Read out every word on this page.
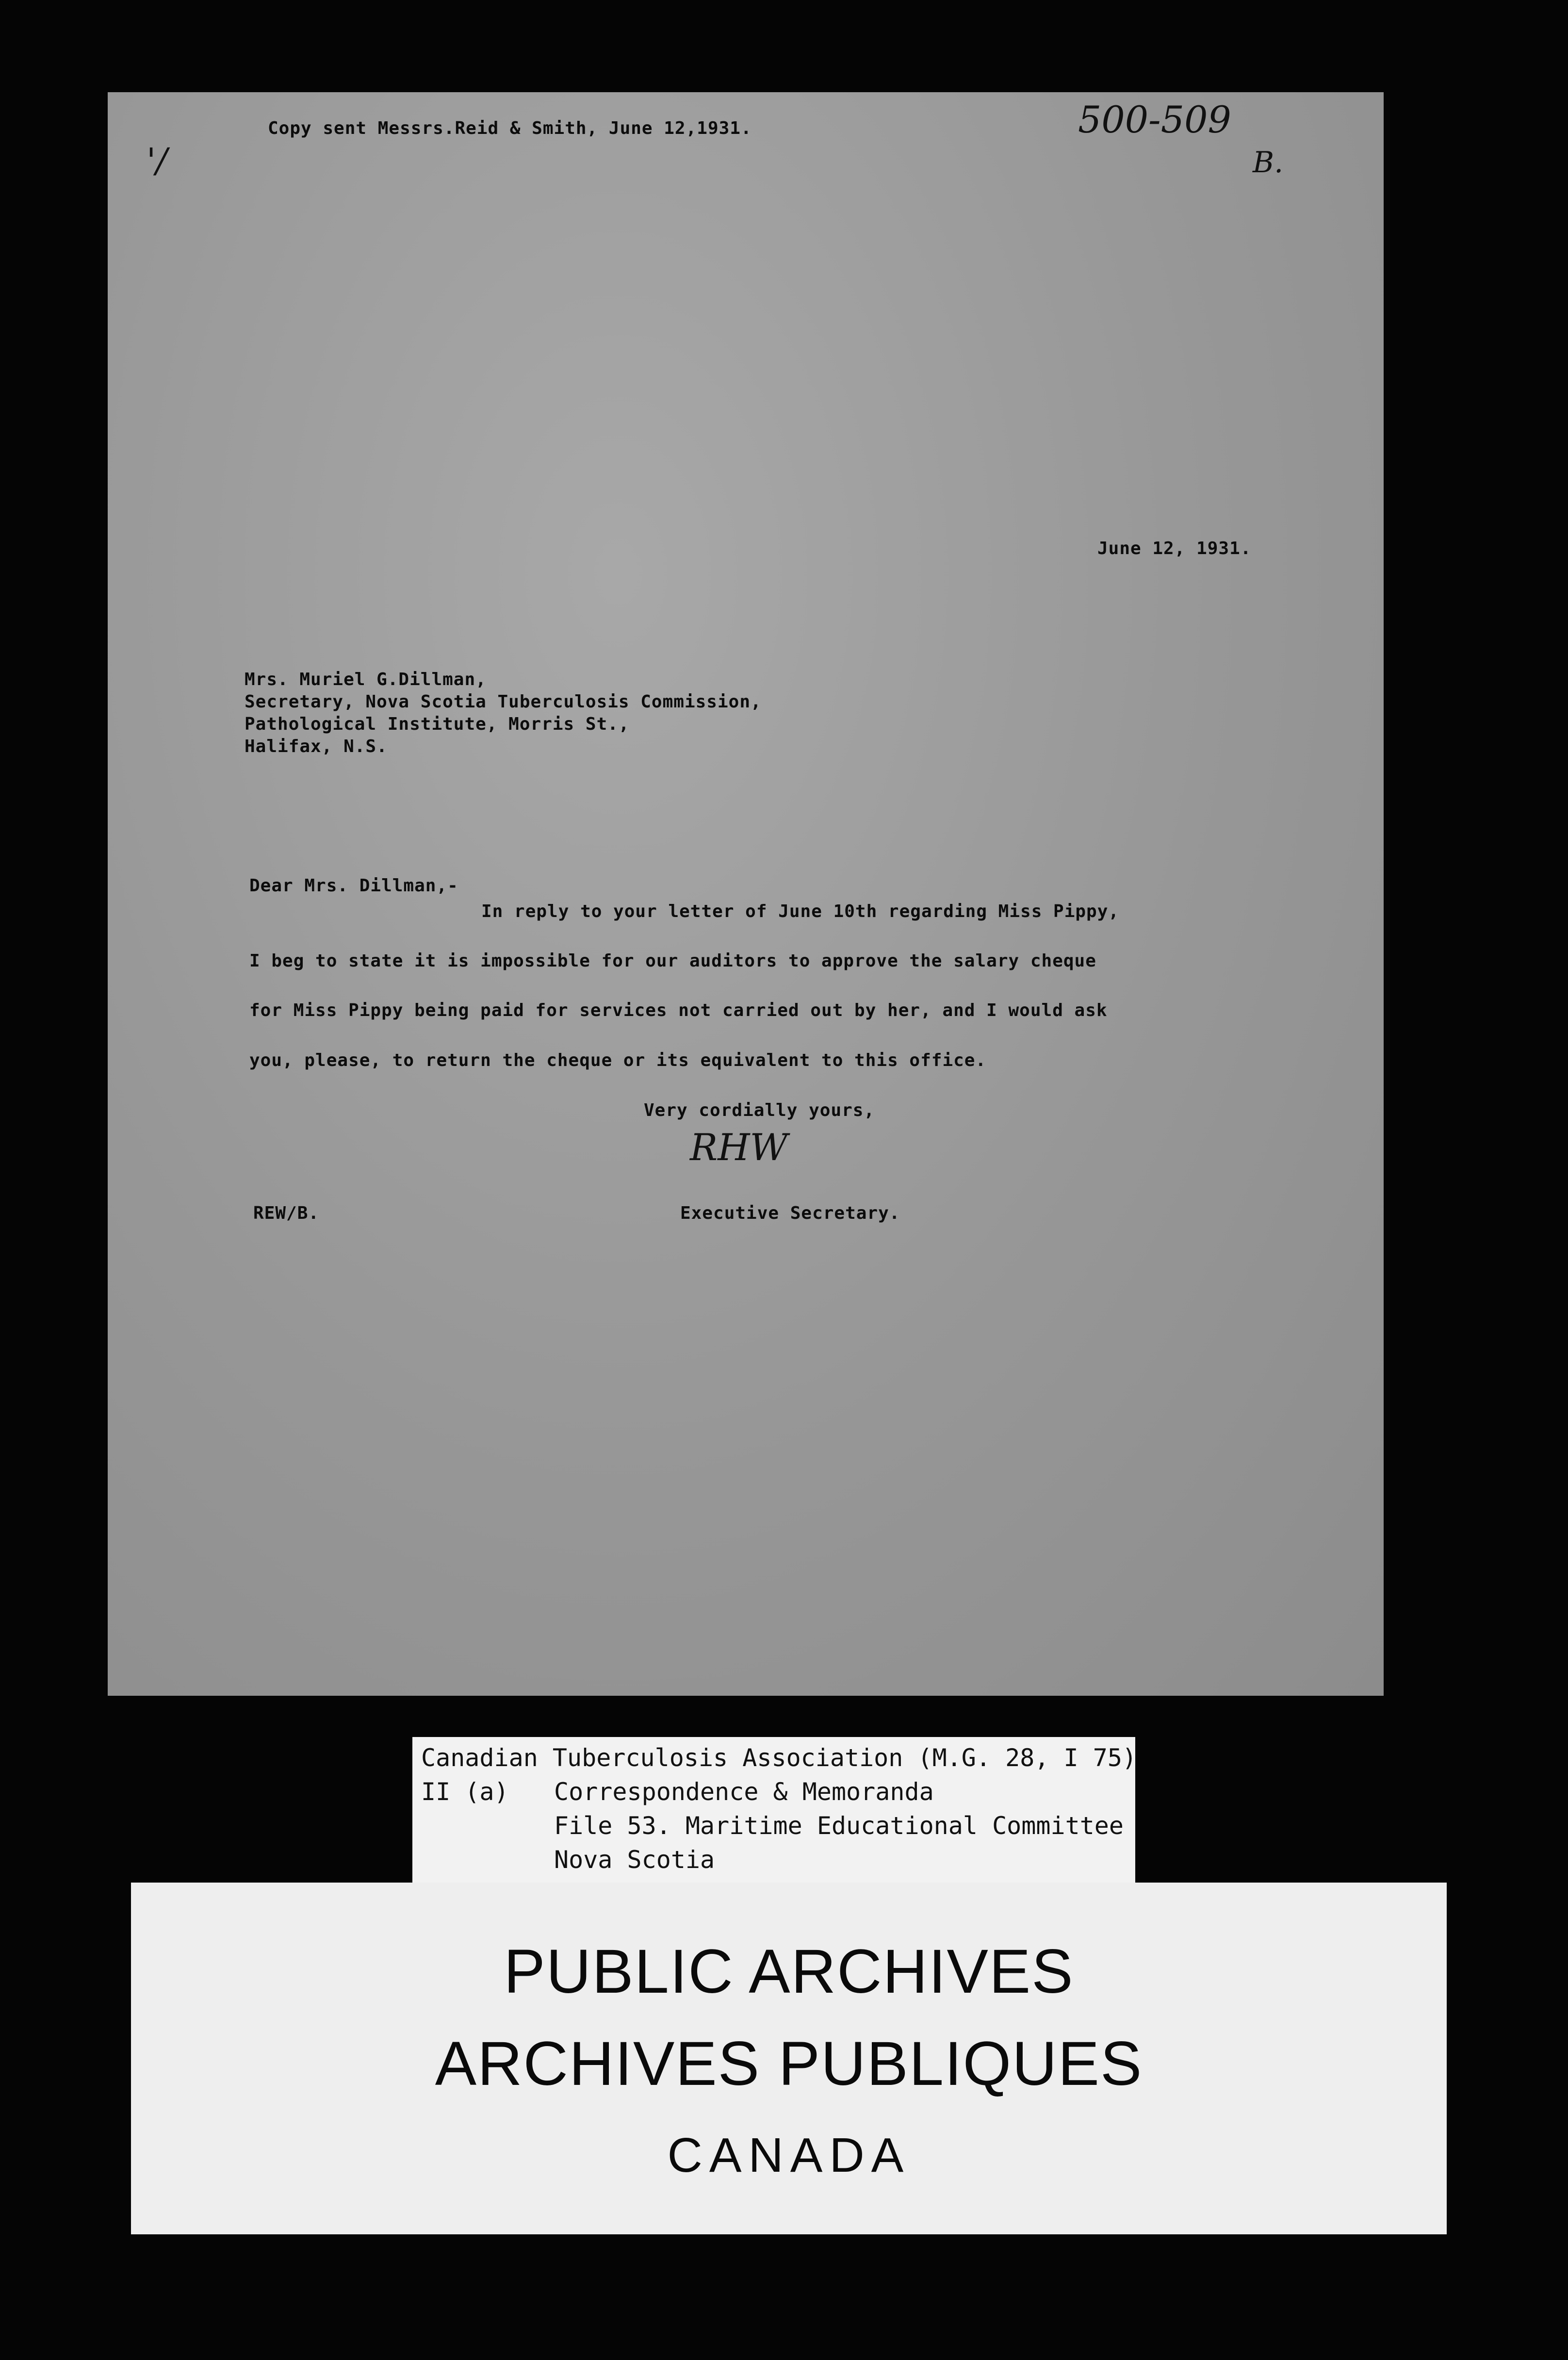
Copy sent Messrs.Reid & Smith, June 12,1931.
'/
500-509
B.
June 12, 1931.
Mrs. Muriel G.Dillman,
Secretary, Nova Scotia Tuberculosis Commission,
Pathological Institute, Morris St.,
Halifax, N.S.
Dear Mrs. Dillman,-
In reply to your letter of June 10th regarding Miss Pippy,
I beg to state it is impossible for our auditors to approve the salary cheque
for Miss Pippy being paid for services not carried out by her, and I would ask
you, please, to return the cheque or its equivalent to this office.
Very cordially yours,
RHW
REW/B.	Executive Secretary.
Canadian Tuberculosis Association (M.G. 28, I 75)
II (a) Correspondence & Memoranda
File 53. Maritime Educational Committee
Nova Scotia
PUBLIC ARCHIVES
ARCHIVES PUBLIQUES
CANADA
